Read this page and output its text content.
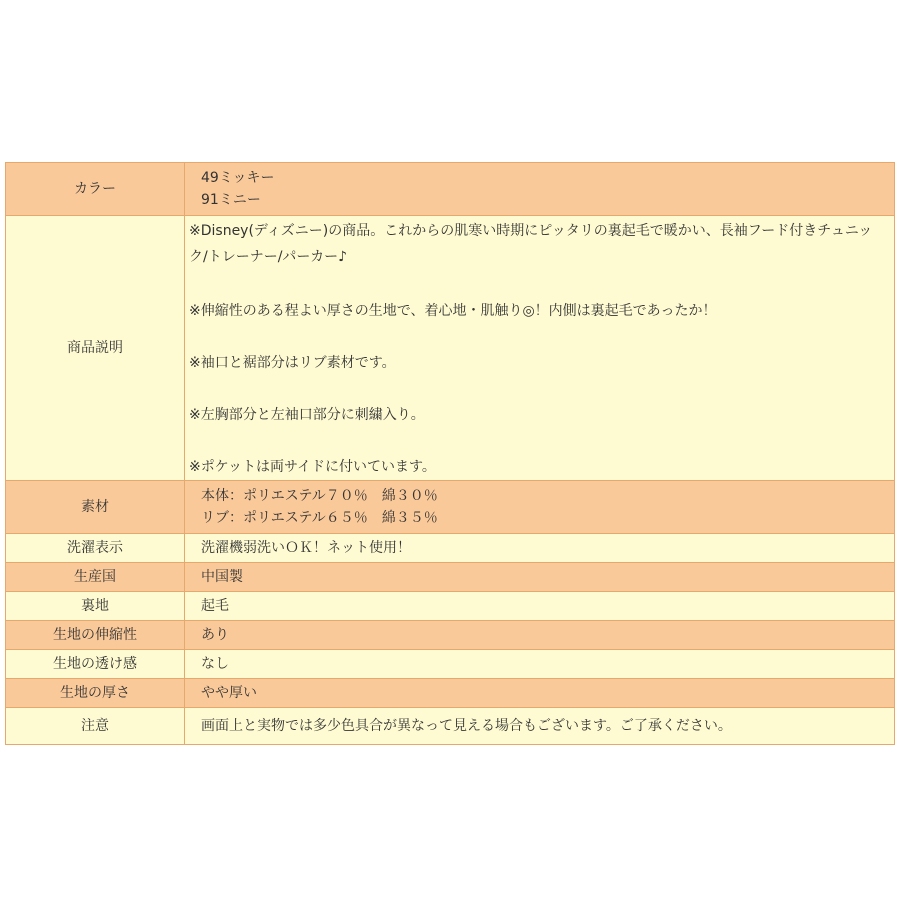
カラー	49ミッキー
91ミニー

商品説明	※Disney(ディズニー)の商品。これからの肌寒い時期にピッタリの裏起毛で暖かい、長袖フード付きチュニック/トレーナー/パーカー♪

※伸縮性のある程よい厚さの生地で、着心地・肌触り◎！内側は裏起毛であったか！

※袖口と裾部分はリブ素材です。

※左胸部分と左袖口部分に刺繍入り。

※ポケットは両サイドに付いています。

素材	本体：ポリエステル７０％　綿３０％
リブ：ポリエステル６５％　綿３５％

洗濯表示	洗濯機弱洗いＯＫ！ネット使用！
生産国	中国製
裏地	起毛
生地の伸縮性	あり
生地の透け感	なし
生地の厚さ	やや厚い
注意	画面上と実物では多少色具合が異なって見える場合もございます。ご了承ください。
